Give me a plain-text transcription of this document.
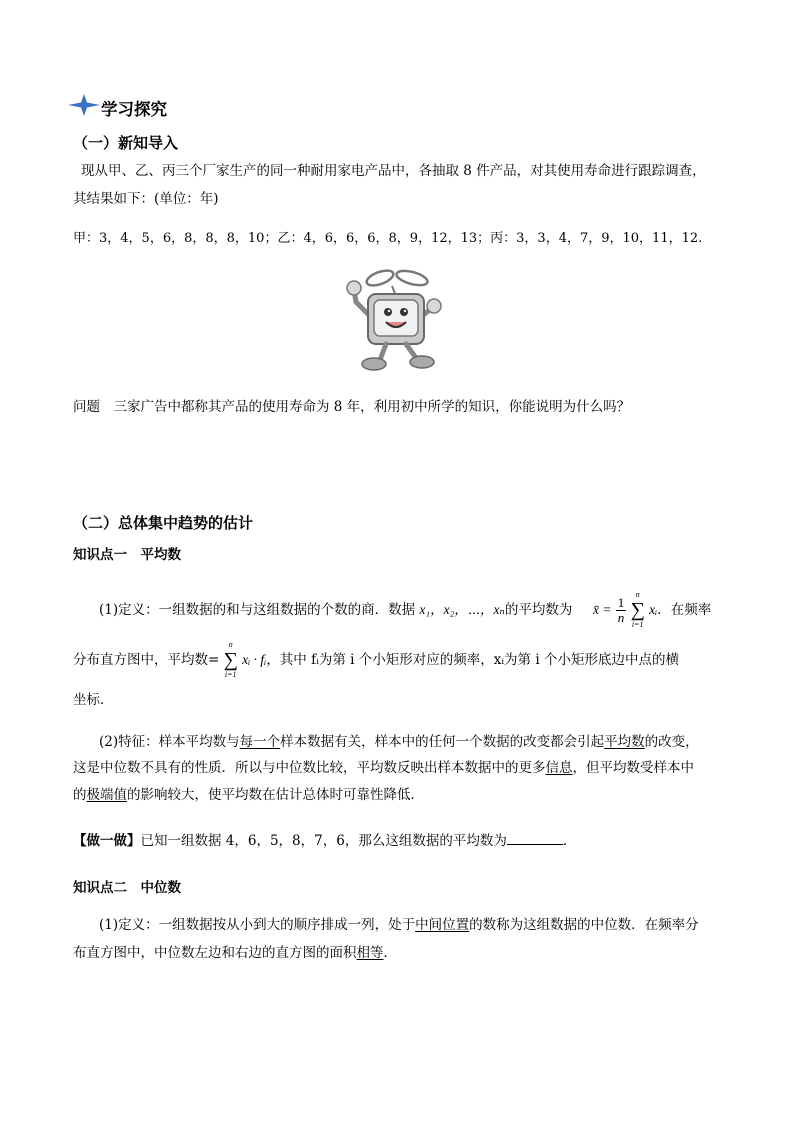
学习探究
（一）新知导入
现从甲、乙、丙三个厂家生产的同一种耐用家电产品中，各抽取 8 件产品，对其使用寿命进行跟踪调查，
其结果如下：(单位：年)
甲：3，4，5，6，8，8，8，10；乙：4，6，6，6，8，9，12，13；丙：3，3，4，7，9，10，11，12.
问题　三家广告中都称其产品的使用寿命为 8 年，利用初中所学的知识，你能说明为什么吗？
（二）总体集中趋势的估计
知识点一　平均数
(1)定义：一组数据的和与这组数据的个数的商．数据 x₁，x₂，⋯，xₙ的平均数为 x̄ = $\frac{1}{n}$

n
∑
i=1
xᵢ．在频率
分布直方图中，平均数=
n
∑
i=1
xᵢ · fᵢ，其中 fᵢ为第 i 个小矩形对应的频率，xᵢ为第 i 个小矩形底边中点的横
坐标．
(2)特征：样本平均数与每一个样本数据有关，样本中的任何一个数据的改变都会引起平均数的改变，
这是中位数不具有的性质．所以与中位数比较，平均数反映出样本数据中的更多信息，但平均数受样本中
的极端值的影响较大，使平均数在估计总体时可靠性降低．
【做一做】已知一组数据 4，6，5，8，7，6，那么这组数据的平均数为	．
知识点二　中位数
(1)定义：一组数据按从小到大的顺序排成一列，处于中间位置的数称为这组数据的中位数．在频率分
布直方图中，中位数左边和右边的直方图的面积相等．
